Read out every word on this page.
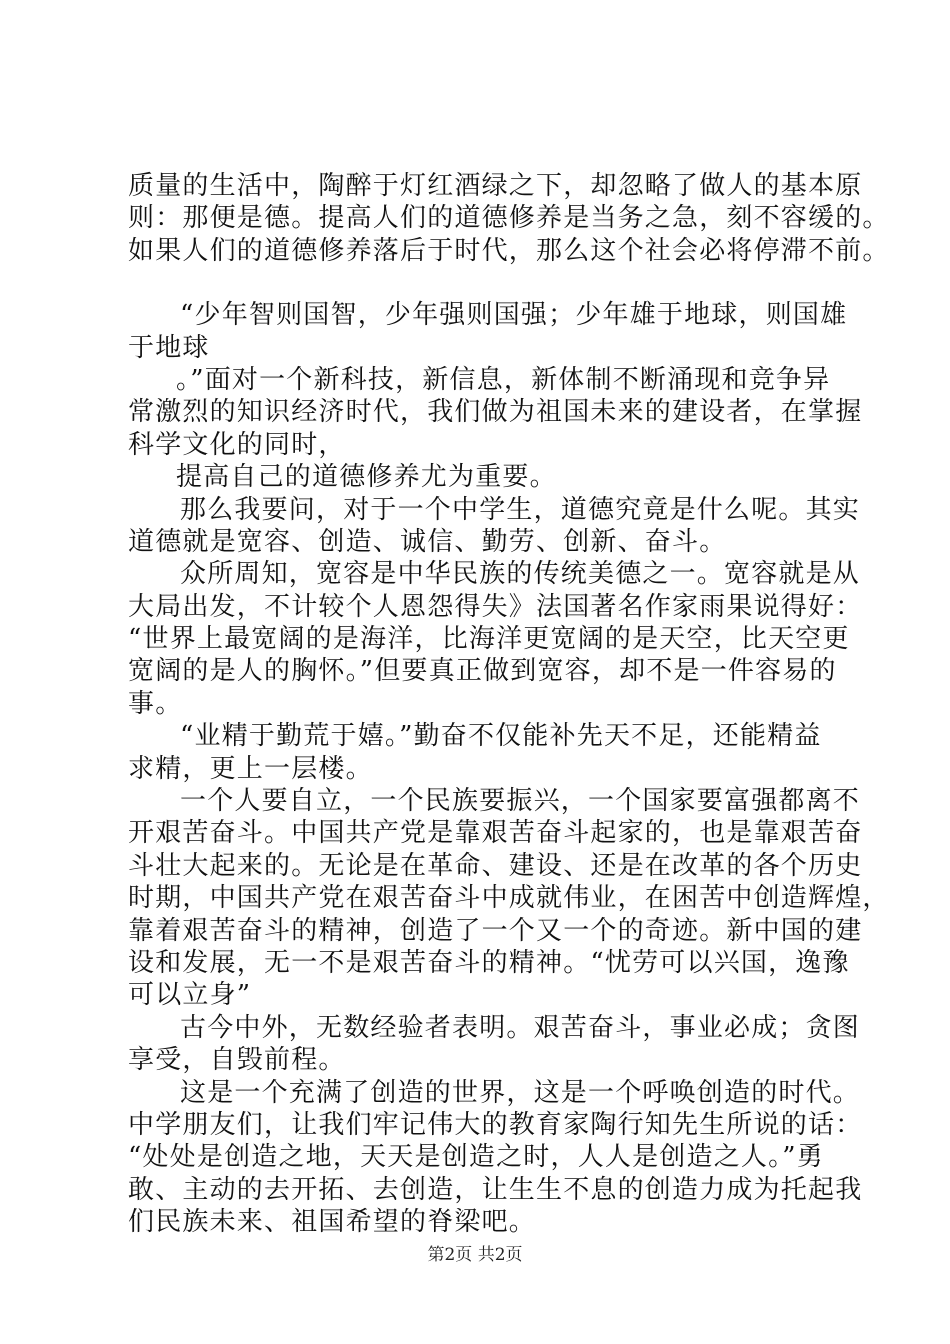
质量的生活中，陶醉于灯红酒绿之下，却忽略了做人的基本原
则：那便是德。提高人们的道德修养是当务之急，刻不容缓的。
如果人们的道德修养落后于时代，那么这个社会必将停滞不前。
“少年智则国智，少年强则国强；少年雄于地球，则国雄
于地球
。”面对一个新科技，新信息，新体制不断涌现和竞争异
常激烈的知识经济时代，我们做为祖国未来的建设者，在掌握
科学文化的同时，
提高自己的道德修养尤为重要。
那么我要问，对于一个中学生，道德究竟是什么呢。其实
道德就是宽容、创造、诚信、勤劳、创新、奋斗。
众所周知，宽容是中华民族的传统美德之一。宽容就是从
大局出发，不计较个人恩怨得失》法国著名作家雨果说得好：
“世界上最宽阔的是海洋，比海洋更宽阔的是天空，比天空更
宽阔的是人的胸怀。”但要真正做到宽容，却不是一件容易的
事。
“业精于勤荒于嬉。”勤奋不仅能补先天不足，还能精益
求精，更上一层楼。
一个人要自立，一个民族要振兴，一个国家要富强都离不
开艰苦奋斗。中国共产党是靠艰苦奋斗起家的，也是靠艰苦奋
斗壮大起来的。无论是在革命、建设、还是在改革的各个历史
时期，中国共产党在艰苦奋斗中成就伟业，在困苦中创造辉煌，
靠着艰苦奋斗的精神，创造了一个又一个的奇迹。新中国的建
设和发展，无一不是艰苦奋斗的精神。“忧劳可以兴国，逸豫
可以立身”
古今中外，无数经验者表明。艰苦奋斗，事业必成；贪图
享受，自毁前程。
这是一个充满了创造的世界，这是一个呼唤创造的时代。
中学朋友们，让我们牢记伟大的教育家陶行知先生所说的话：
“处处是创造之地，天天是创造之时，人人是创造之人。”勇
敢、主动的去开拓、去创造，让生生不息的创造力成为托起我
们民族未来、祖国希望的脊梁吧。
第2页 共2页
